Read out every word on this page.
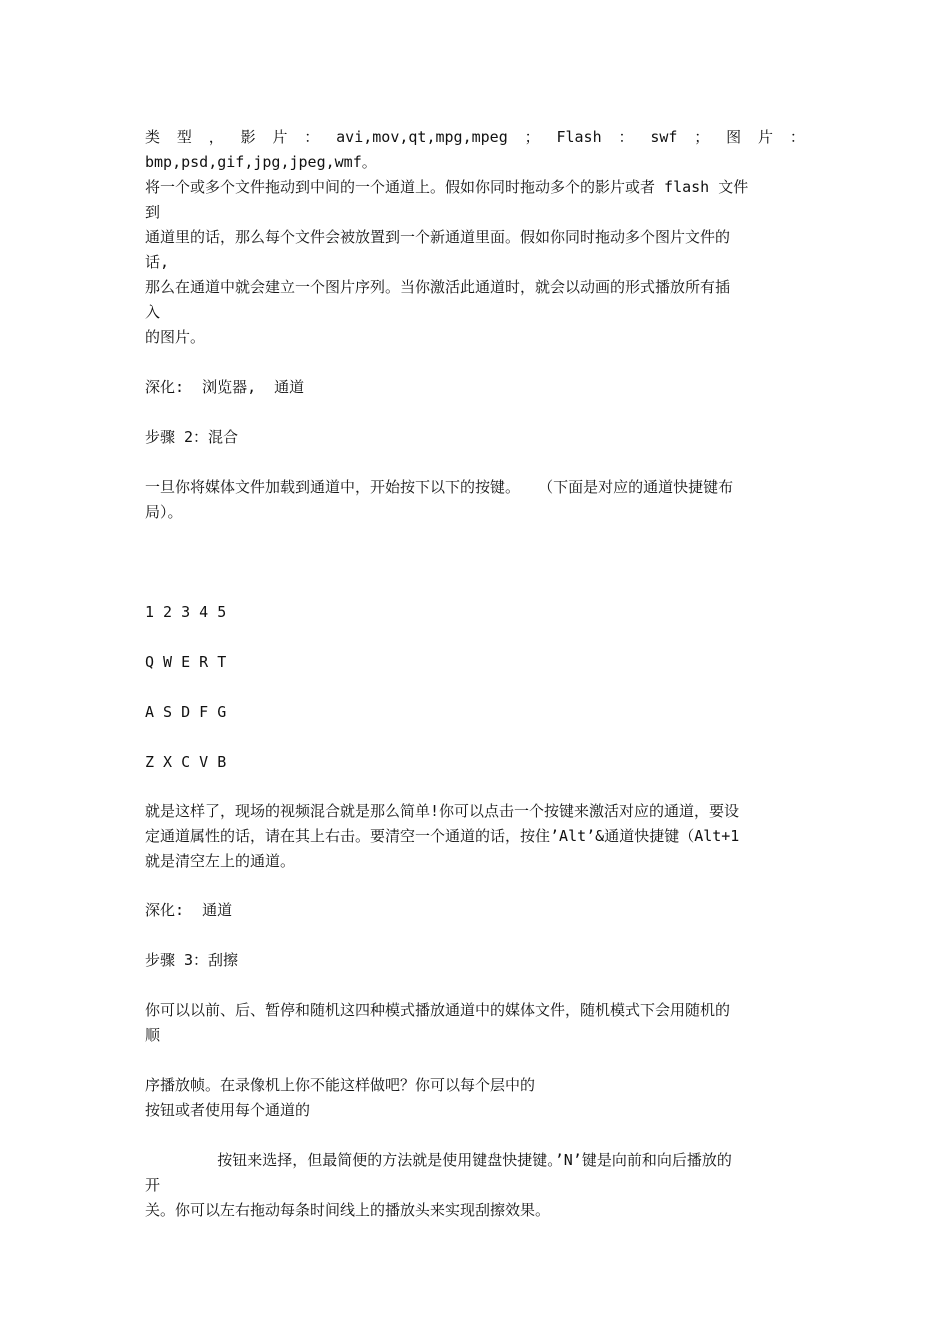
类 型 ， 影 片 ： avi,mov,qt,mpg,mpeg ； Flash ： swf ； 图 片 ：

bmp,psd,gif,jpg,jpeg,wmf。

将一个或多个文件拖动到中间的一个通道上。假如你同时拖动多个的影片或者 flash 文件

到

通道里的话，那么每个文件会被放置到一个新通道里面。假如你同时拖动多个图片文件的

话,

那么在通道中就会建立一个图片序列。当你激活此通道时，就会以动画的形式播放所有插

入

的图片。

深化:  浏览器,  通道

步骤 2：混合

一旦你将媒体文件加载到通道中，开始按下以下的按键。  （下面是对应的通道快捷键布

局）。

1 2 3 4 5

Q W E R T

A S D F G

Z X C V B

就是这样了，现场的视频混合就是那么简单!你可以点击一个按键来激活对应的通道，要设

定通道属性的话，请在其上右击。要清空一个通道的话，按住’Alt’&通道快捷键（Alt+1

就是清空左上的通道。

深化:  通道

步骤 3：刮擦

你可以以前、后、暂停和随机这四种模式播放通道中的媒体文件，随机模式下会用随机的

顺

序播放帧。在录像机上你不能这样做吧？你可以每个层中的

按钮或者使用每个通道的

按钮来选择，但最简便的方法就是使用键盘快捷键。’N’键是向前和向后播放的

开

关。你可以左右拖动每条时间线上的播放头来实现刮擦效果。
